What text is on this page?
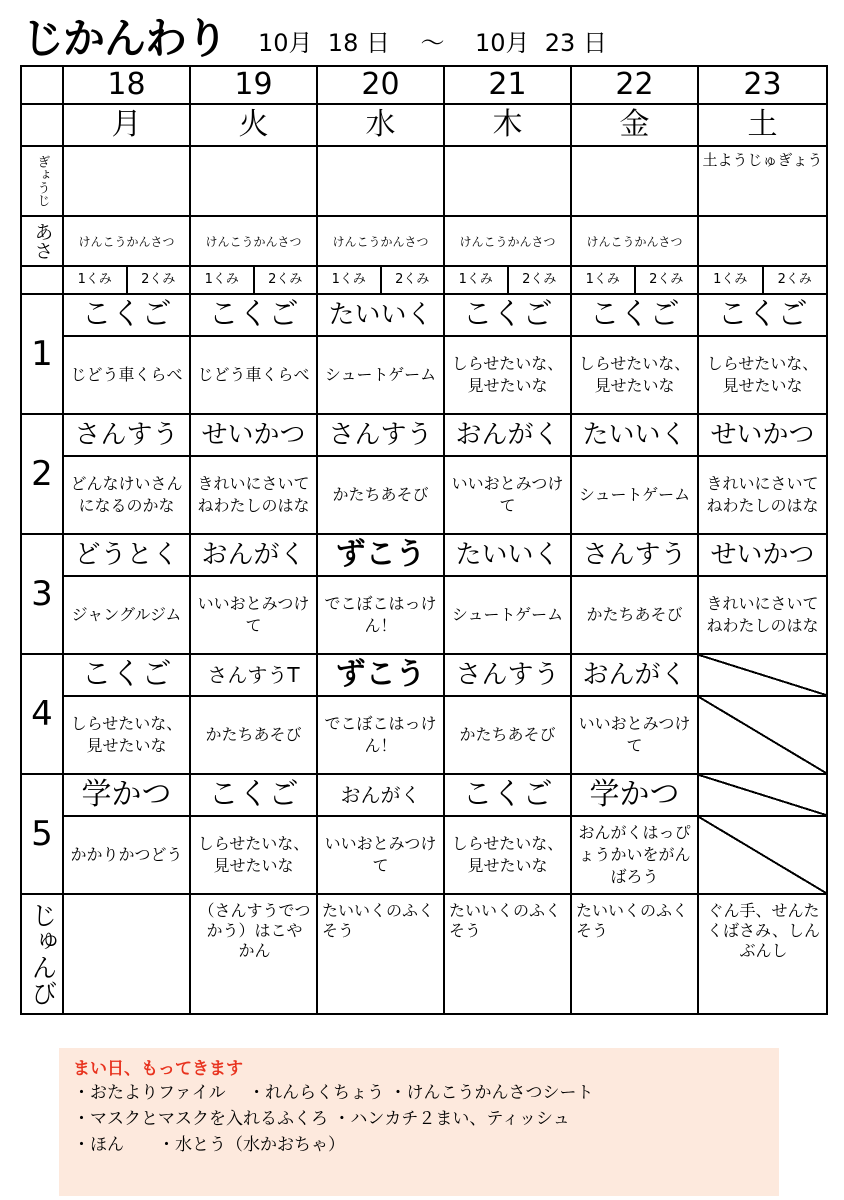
じかんわり 10月  18 日    ～    10月  23 日
	18	19	20	21	22	23
	月	火	水	木	金	土

ぎょうじ						土ようじゅぎょう

あさ	けんこうかんさつ	けんこうかんさつ	けんこうかんさつ	けんこうかんさつ	けんこうかんさつ	

	1くみ 2くみ	1くみ 2くみ	1くみ 2くみ	1くみ 2くみ	1くみ 2くみ	1くみ 2くみ

1	こくご	こくご	たいいく	こくご	こくご	こくご
	じどう車くらべ	じどう車くらべ	シュートゲーム	しらせたいな、見せたいな	しらせたいな、見せたいな	しらせたいな、見せたいな
2	さんすう	せいかつ	さんすう	おんがく	たいいく	せいかつ
	どんなけいさんになるのかな	きれいにさいてねわたしのはな	かたちあそび	いいおとみつけて	シュートゲーム	きれいにさいてねわたしのはな
3	どうとく	おんがく	ずこう	たいいく	さんすう	せいかつ
	ジャングルジム	いいおとみつけて	でこぼこはっけん！	シュートゲーム	かたちあそび	きれいにさいてねわたしのはな
4	こくご	さんすうT	ずこう	さんすう	おんがく	
	しらせたいな、見せたいな	かたちあそび	でこぼこはっけん！	かたちあそび	いいおとみつけて	
5	学かつ	こくご	おんがく	こくご	学かつ	
	かかりかつどう	しらせたいな、見せたいな	いいおとみつけて	しらせたいな、見せたいな	おんがくはっぴょうかいをがんばろう	

じゅんび		（さんすうでつかう）はこや　かん	たいいくのふくそう	たいいくのふくそう	たいいくのふくそう	ぐん手、せんたくばさみ、しんぶんし
まい日、もってきます
・おたよりファイル　 ・れんらくちょう ・けんこうかんさつシート
・マスクとマスクを入れるふくろ ・ハンカチ２まい、ティッシュ
・ほん　　・水とう（水かおちゃ）
